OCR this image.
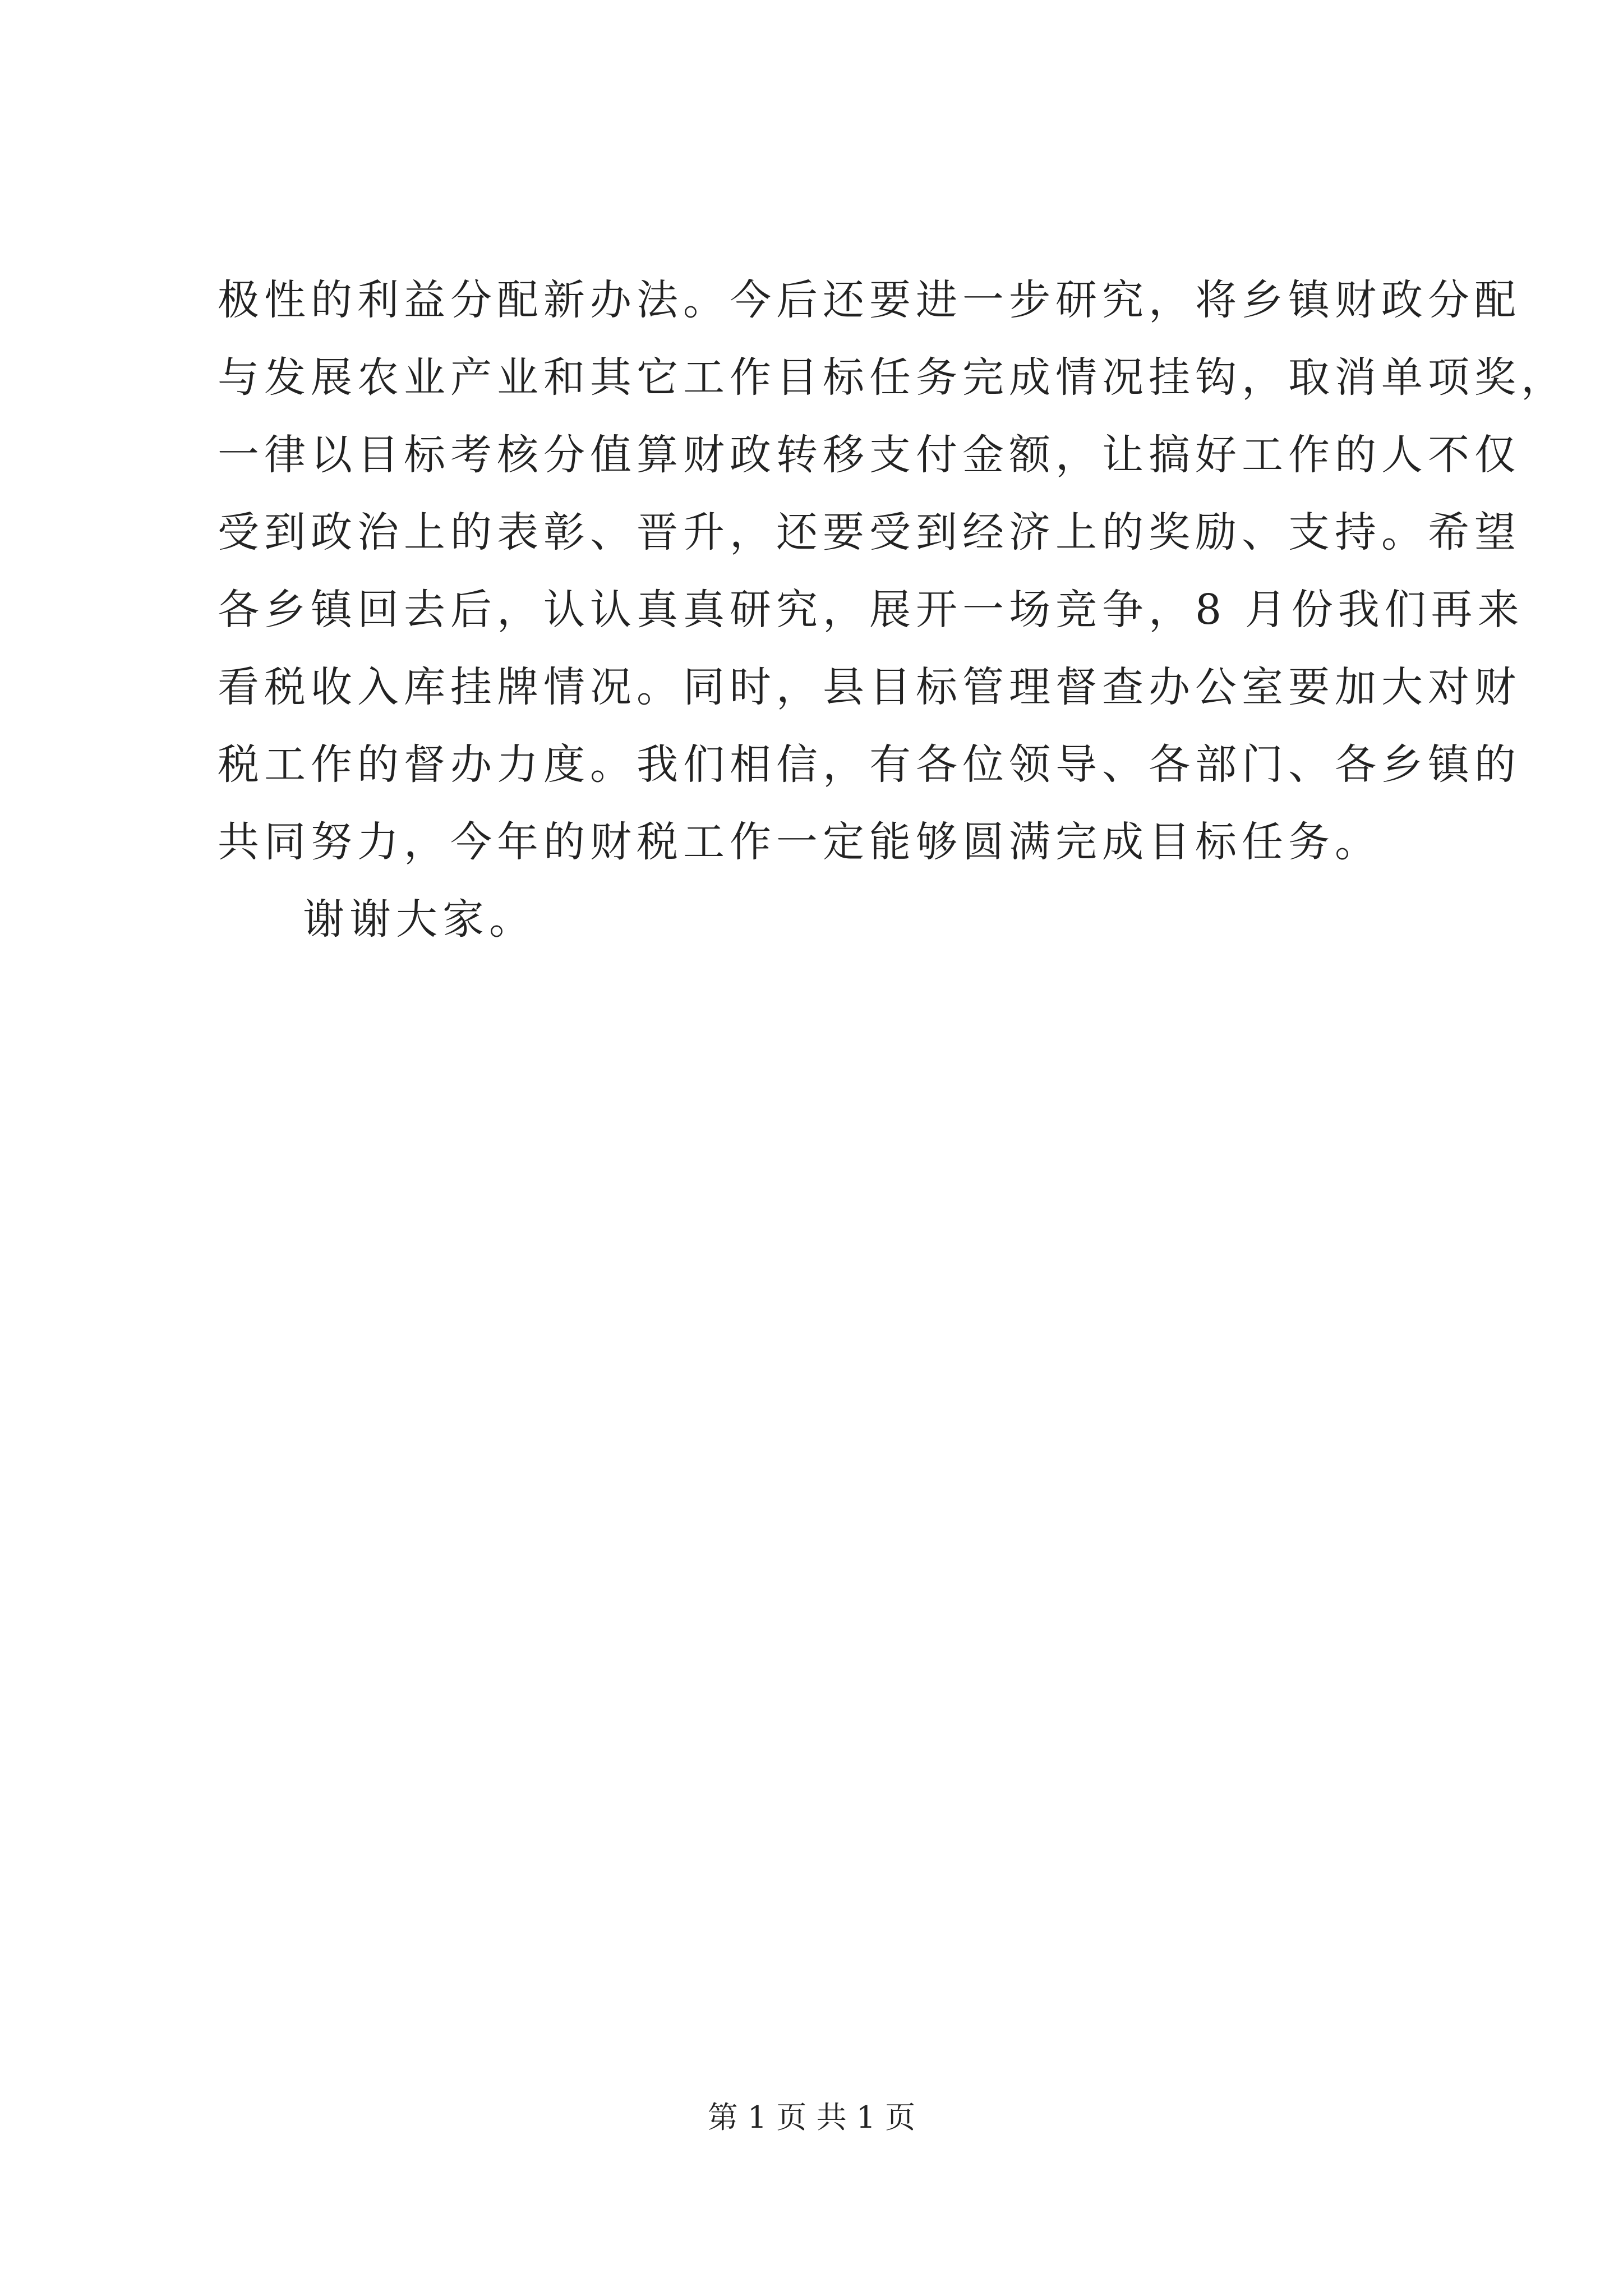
极性的利益分配新办法。今后还要进一步研究，将乡镇财政分配
与发展农业产业和其它工作目标任务完成情况挂钩，取消单项奖，
一律以目标考核分值算财政转移支付金额，让搞好工作的人不仅
受到政治上的表彰、晋升，还要受到经济上的奖励、支持。希望
各乡镇回去后，认认真真研究，展开一场竞争，8 月份我们再来
看税收入库挂牌情况。同时，县目标管理督查办公室要加大对财
税工作的督办力度。我们相信，有各位领导、各部门、各乡镇的
共同努力，今年的财税工作一定能够圆满完成目标任务。
谢谢大家。
第 1 页 共 1 页
